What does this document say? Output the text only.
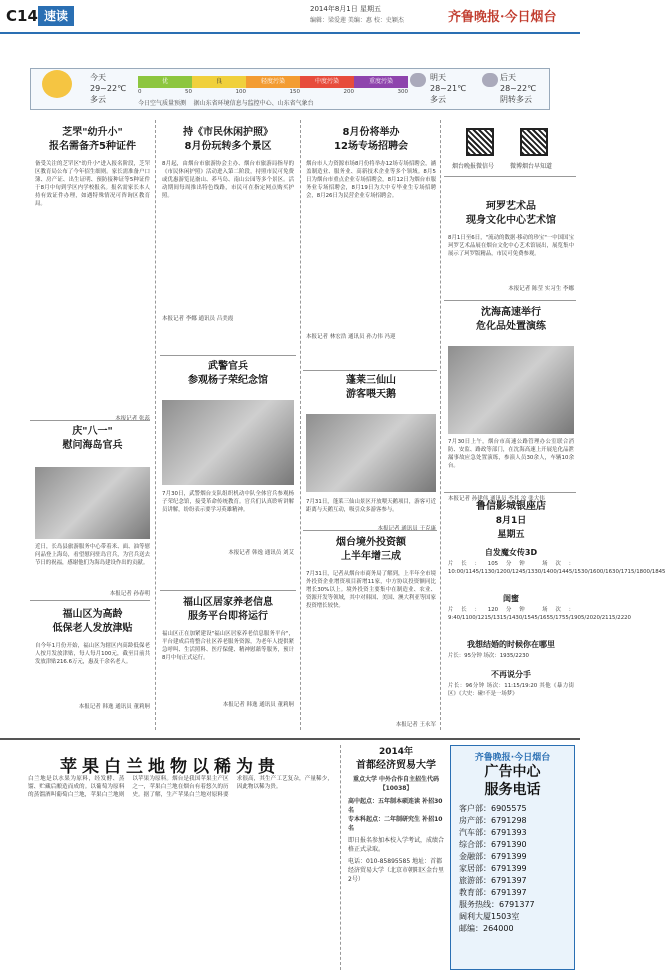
C14 速读	2014年8月1日 星期五
编辑：梁爱莲 美编：惠 校：史颖杰	齐鲁晚报·今日烟台
今天
29~22℃
多云
优	良	轻度污染	中度污染	重度污染
0	50	100	150	200	300
今日空气质量预测 据山东省环境信息与监控中心、山东省气象台
明天
28~21℃
多云
后天
28~22℃
阴转多云
芝罘"幼升小"
报名需备齐5种证件
备受关注的芝罘区"幼升小"进入报名阶段，芝罘区教育局公布了今年招生细则。家长需准备户口簿、房产证、出生证明、预防接种证等5种证件于8月中旬到学区内学校报名。报名需家长本人持有效证件办理，如遇特殊情况可咨询区教育局。
本报记者 张蕊
庆"八一"
慰问海岛官兵
近日，长岛县旅游服务中心带着米、面、油等慰问品登上海岛，看望慰问驻岛官兵，为官兵送去节日的祝福，感谢他们为海岛建设作出的贡献。
本报记者 孙春明
福山区为高龄
低保老人发放津贴
自今年1月份开始，福山区为辖区内高龄低保老人按月发放津贴，每人每月100元，截至目前共发放津贴216.6万元，惠及千余名老人。
本报记者 韩逸 通讯员 董莉舸
持《市民休闲护照》
8月份玩转多个景区
8月起，由烟台市旅游协会主办、烟台市旅游局指导的《市民休闲护照》活动进入第二阶段，持照市民可免费或优惠游览昆嵛山、养马岛、南山公园等多个景区。活动期间每周推出特色线路，市民可在指定网点购买护照。
本报记者 李娜 通讯员 吕美霞
武警官兵
参观杨子荣纪念馆
7月30日，武警烟台支队组织机动中队全体官兵参观杨子荣纪念馆，接受革命传统教育。官兵们认真聆听讲解员讲解，纷纷表示要学习英雄精神。
本报记者 韩逸 通讯员 刘艾
福山区居家养老信息
服务平台即将运行
福山区正在加紧建设"福山区居家养老信息服务平台"，平台建成后将整合社区养老服务资源，为老年人提供紧急呼叫、生活照料、医疗保健、精神慰藉等服务，预计8月中旬正式运行。
本报记者 韩逸 通讯员 董莉舸
8月份将举办
12场专场招聘会
烟台市人力资源市场8月份将举办12场专场招聘会，涵盖制造业、服务业、高新技术企业等多个领域。8月5日为烟台市重点企业专场招聘会，8月12日为烟台市服务业专场招聘会，8月19日为大中专毕业生专场招聘会，8月26日为民营企业专场招聘会。
本报记者 林宏浩 通讯员 孙力伟 冯迎
蓬莱三仙山
游客喂天鹅
7月31日，蓬莱三仙山景区开放喂天鹅项目，游客可近距离与天鹅互动，吸引众多游客参与。
本报记者 通讯员 于克康
烟台境外投资额
上半年增三成
7月31日，记者从烟台市商务局了解到，上半年全市境外投资企业增资项目新增11家，中方协议投资额同比增长30%以上。境外投资主要集中在制造业、农业、资源开发等领域，其中对韩国、美国、澳大利亚等国家投资增长较快。
本报记者 王永军
烟台晚报微信号	微博烟台早知道
珂罗艺术品
现身文化中心艺术馆
8月1日至6日，"流动的数据·移动的珍宝"一中国国宝珂罗艺术品展在烟台文化中心艺术馆展出，展览集中展示了珂罗版精品，市民可免费参观。
本报记者 陈莹 实习生 李娜
沈海高速举行
危化品处置演练
7月30日上午，烟台市高速公路管理办公室联合消防、安监、路政等部门，在沈海高速上开展危化品泄漏事故应急处置演练，参演人员30余人，车辆10余台。
本报记者 孙建伟 通讯员 李其 汝 张大伟
鲁信影城银座店
8月1日
星期五
自发魔女传3D
片长：105分钟 场次：10:00/1145/1130/1200/1245/1330/1400/1445/1530/1600/1630/1715/1800/1845
闺蜜
片长：120分钟 场次：9:40/1100/1215/1315/1430/1545/1655/1755/1905/2020/2115/2220
我想结婚的时候你在哪里
片长：95分钟 场次：1935/2230
不再说分手
片长：96分钟 场次：11:15/19:20 其他《暴力街区》《大史：碰!不是一场梦》
苹果白兰地物以稀为贵
白兰地是以水果为原料，经发酵、蒸馏、贮藏后酿造而成的。以葡萄为原料的蒸馏酒叫葡萄白兰地，苹果白兰地则以苹果为原料。烟台是我国苹果主产区之一，苹果白兰地在烟台有着悠久的历史。据了解，生产苹果白兰地对原料要求很高，其生产工艺复杂，产量稀少，因此物以稀为贵。
2014年
首都经济贸易大学
重点大学 中外合作自主招生代码【10038】
高中起点：五年制本硕连读 补招30名
专本科起点：二年制研究生 补招10名
即日报名参加本校入学考试，成绩合格正式录取。
电话：010-85895585 地址：首都经济贸易大学（北京市朝阳区金台里2号）
齐鲁晚报·今日烟台
广告中心
服务电话
客户部：6905575
房产部：6791298
汽车部：6791393
综合部：6791390
金融部：6791399
家居部：6791399
旅游部：6791397
教育部：6791397
服务热线：6791377
阔利大厦1503室
邮编：264000
